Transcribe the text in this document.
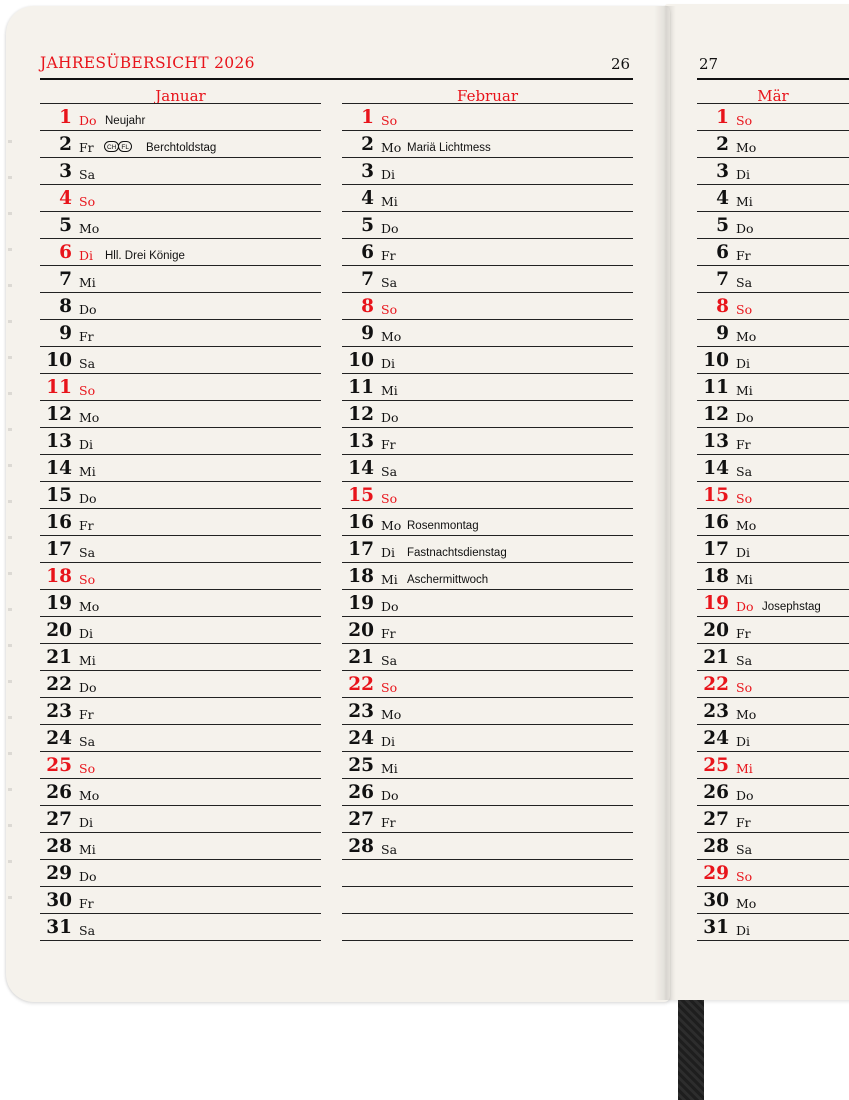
JAHRESÜBERSICHT 2026	26	27
Januar
1 Do Neujahr
2 Fr	CH FL Berchtoldstag
3 Sa
4 So
5 Mo
6 Di Hll. Drei Könige
7 Mi
8 Do
9 Fr
10 Sa
11 So
12 Mo
13 Di
14 Mi
15 Do
16 Fr
17 Sa
18 So
19 Mo
20 Di
21 Mi
22 Do
23 Fr
24 Sa
25 So
26 Mo
27 Di
28 Mi
29 Do
30 Fr
31 Sa
Februar
1 So
2 Mo Mariä Lichtmess
3 Di
4 Mi
5 Do
6 Fr
7 Sa
8 So
9 Mo
10 Di
11 Mi
12 Do
13 Fr
14 Sa
15 So
16 Mo Rosenmontag
17 Di Fastnachtsdienstag
18 Mi Aschermittwoch
19 Do
20 Fr
21 Sa
22 So
23 Mo
24 Di
25 Mi
26 Do
27 Fr
28 Sa
Mär
1 So
2 Mo
3 Di
4 Mi
5 Do
6 Fr
7 Sa
8 So
9 Mo
10 Di
11 Mi
12 Do
13 Fr
14 Sa
15 So
16 Mo
17 Di
18 Mi
19 Do Josephstag
20 Fr
21 Sa
22 So
23 Mo
24 Di
25 Mi
26 Do
27 Fr
28 Sa
29 So
30 Mo
31 Di
